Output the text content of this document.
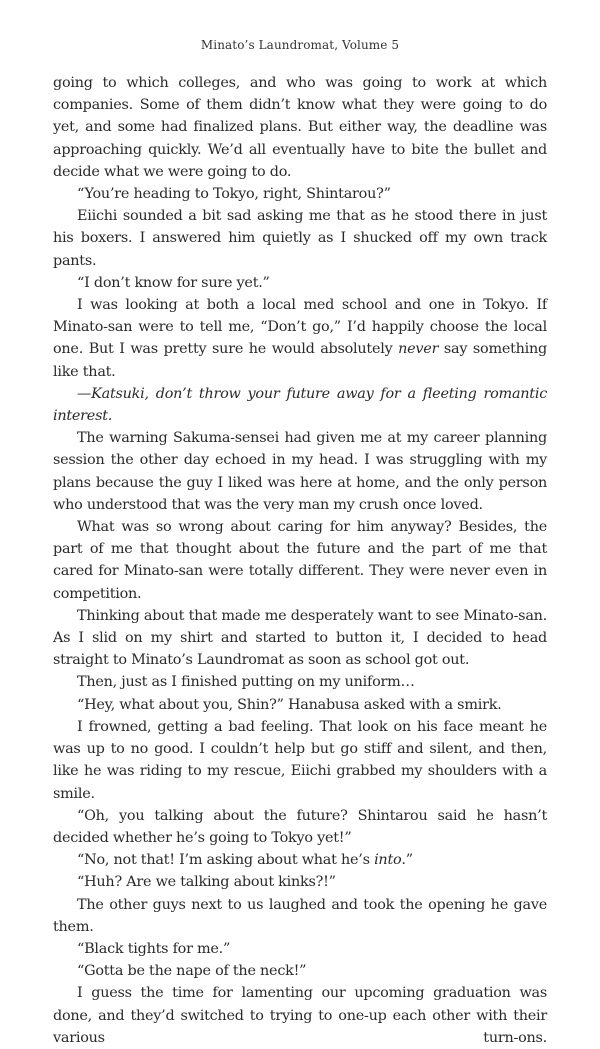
Minato’s Laundromat, Volume 5

going to which colleges, and who was going to work at which companies. Some of them didn’t know what they were going to do yet, and some had finalized plans. But either way, the deadline was approaching quickly. We’d all eventually have to bite the bullet and decide what we were going to do.

“You’re heading to Tokyo, right, Shintarou?”

Eiichi sounded a bit sad asking me that as he stood there in just his boxers. I answered him quietly as I shucked off my own track pants.

“I don’t know for sure yet.”

I was looking at both a local med school and one in Tokyo. If Minato-san were to tell me, “Don’t go,” I’d happily choose the local one. But I was pretty sure he would absolutely never say something like that.

—Katsuki, don’t throw your future away for a fleeting romantic interest.

The warning Sakuma-sensei had given me at my career planning session the other day echoed in my head. I was struggling with my plans because the guy I liked was here at home, and the only person who understood that was the very man my crush once loved.

What was so wrong about caring for him anyway? Besides, the part of me that thought about the future and the part of me that cared for Minato-san were totally different. They were never even in competition.

Thinking about that made me desperately want to see Minato-san. As I slid on my shirt and started to button it, I decided to head straight to Minato’s Laundromat as soon as school got out.

Then, just as I finished putting on my uniform…

“Hey, what about you, Shin?” Hanabusa asked with a smirk.

I frowned, getting a bad feeling. That look on his face meant he was up to no good. I couldn’t help but go stiff and silent, and then, like he was riding to my rescue, Eiichi grabbed my shoulders with a smile.

“Oh, you talking about the future? Shintarou said he hasn’t decided whether he’s going to Tokyo yet!”

“No, not that! I’m asking about what he’s into.”

“Huh? Are we talking about kinks?!”

The other guys next to us laughed and took the opening he gave them.

“Black tights for me.”

“Gotta be the nape of the neck!”

I guess the time for lamenting our upcoming graduation was done, and they’d switched to trying to one-up each other with their various turn-ons.
